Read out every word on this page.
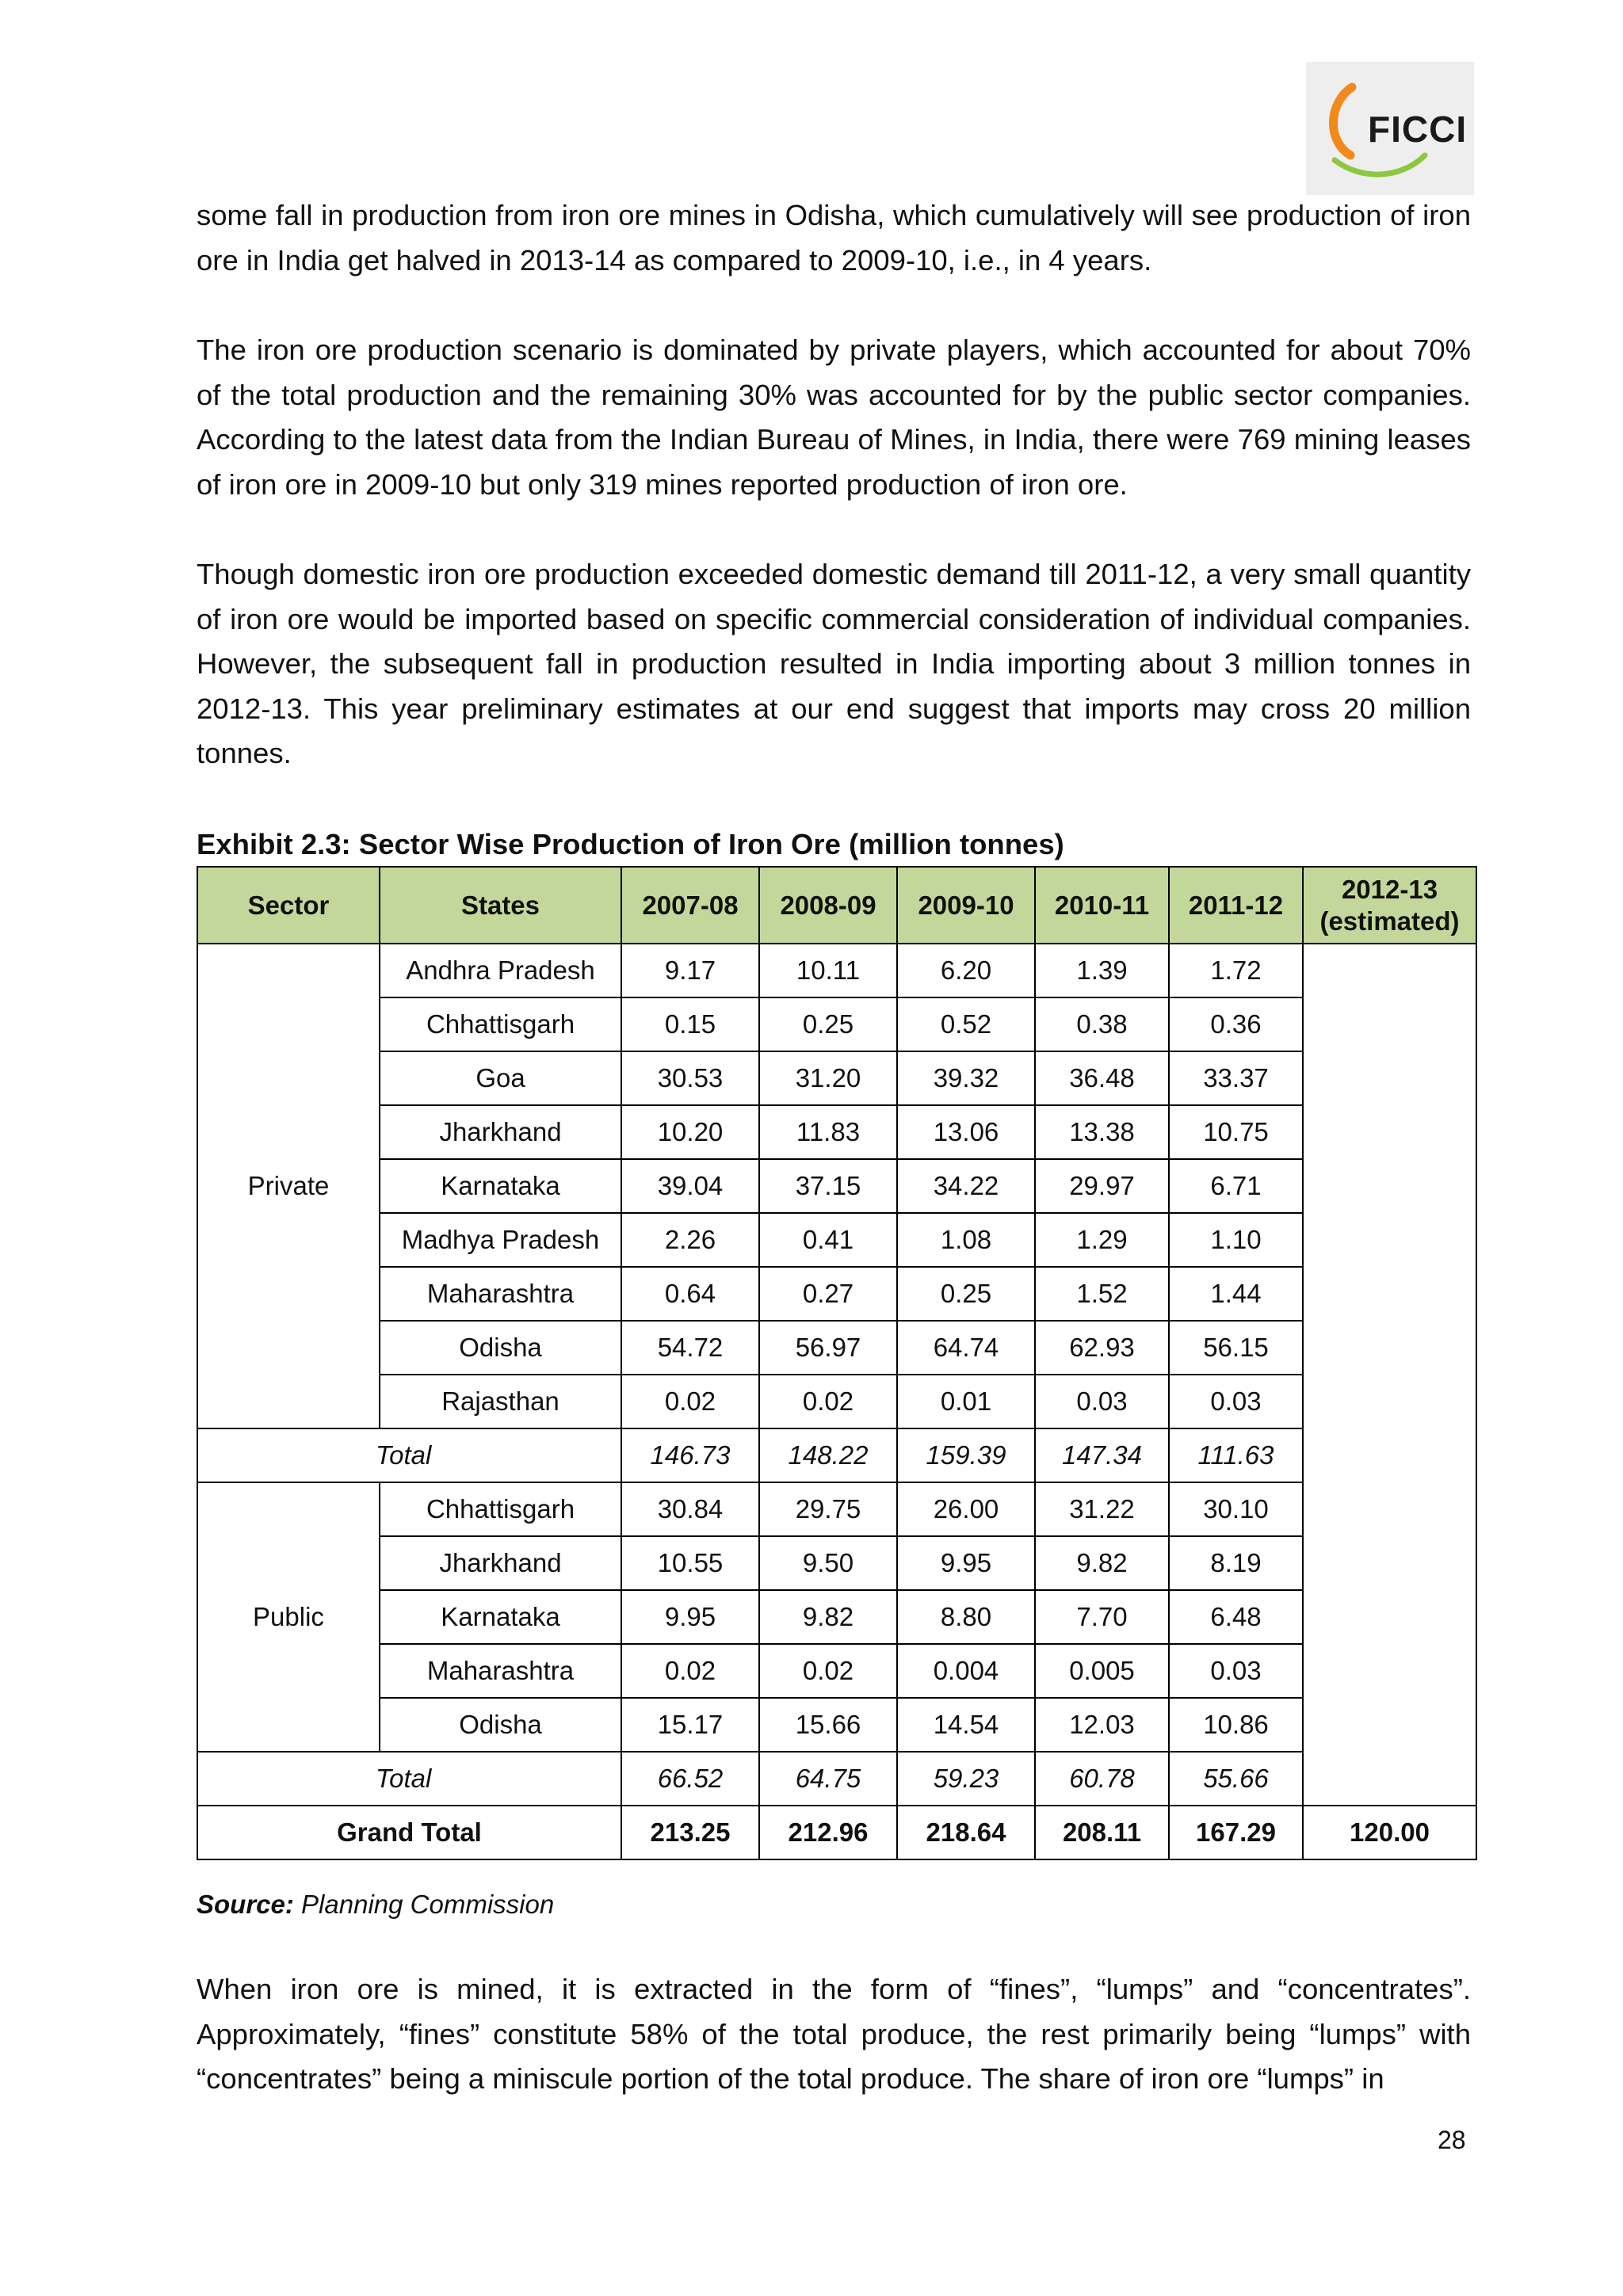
FICCI

some fall in production from iron ore mines in Odisha, which cumulatively will see production of iron ore in India get halved in 2013-14 as compared to 2009-10, i.e., in 4 years.

The iron ore production scenario is dominated by private players, which accounted for about 70% of the total production and the remaining 30% was accounted for by the public sector companies. According to the latest data from the Indian Bureau of Mines, in India, there were 769 mining leases of iron ore in 2009-10 but only 319 mines reported production of iron ore.

Though domestic iron ore production exceeded domestic demand till 2011-12, a very small quantity of iron ore would be imported based on specific commercial consideration of individual companies. However, the subsequent fall in production resulted in India importing about 3 million tonnes in 2012-13. This year preliminary estimates at our end suggest that imports may cross 20 million tonnes.

Exhibit 2.3: Sector Wise Production of Iron Ore (million tonnes)

Sector	States	2007-08	2008-09	2009-10	2010-11	2011-12	2012-13
(estimated)
Private	Andhra Pradesh	9.17	10.11	6.20	1.39	1.72	
	Chhattisgarh	0.15	0.25	0.52	0.38	0.36	
	Goa	30.53	31.20	39.32	36.48	33.37	
	Jharkhand	10.20	11.83	13.06	13.38	10.75	
	Karnataka	39.04	37.15	34.22	29.97	6.71	
	Madhya Pradesh	2.26	0.41	1.08	1.29	1.10	
	Maharashtra	0.64	0.27	0.25	1.52	1.44	
	Odisha	54.72	56.97	64.74	62.93	56.15	
	Rajasthan	0.02	0.02	0.01	0.03	0.03	
Total		146.73	148.22	159.39	147.34	111.63	
Public	Chhattisgarh	30.84	29.75	26.00	31.22	30.10	
	Jharkhand	10.55	9.50	9.95	9.82	8.19	
	Karnataka	9.95	9.82	8.80	7.70	6.48	
	Maharashtra	0.02	0.02	0.004	0.005	0.03	
	Odisha	15.17	15.66	14.54	12.03	10.86	
Total		66.52	64.75	59.23	60.78	55.66	
Grand Total		213.25	212.96	218.64	208.11	167.29	120.00

Source: Planning Commission

When iron ore is mined, it is extracted in the form of “fines”, “lumps” and “concentrates”. Approximately, “fines” constitute 58% of the total produce, the rest primarily being “lumps” with “concentrates” being a miniscule portion of the total produce. The share of iron ore “lumps” in

28
